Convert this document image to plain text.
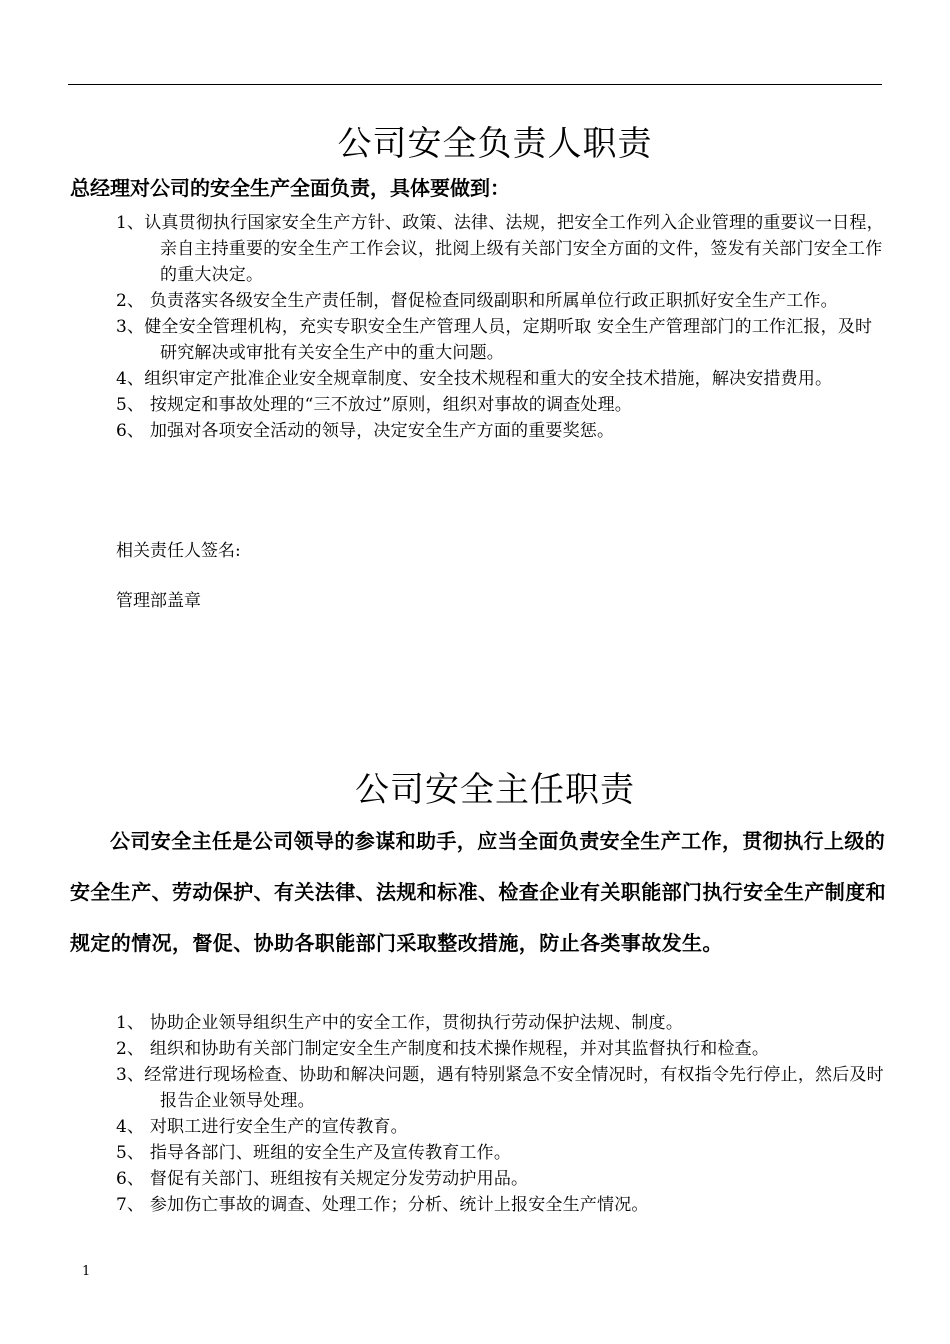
公司安全负责人职责

总经理对公司的安全生产全面负责，具体要做到：

1、认真贯彻执行国家安全生产方针、政策、法律、法规，把安全工作列入企业管理的重要议一日程，亲自主持重要的安全生产工作会议，批阅上级有关部门安全方面的文件，签发有关部门安全工作的重大决定。
2、 负责落实各级安全生产责任制，督促检查同级副职和所属单位行政正职抓好安全生产工作。
3、健全安全管理机构，充实专职安全生产管理人员，定期听取 安全生产管理部门的工作汇报，及时研究解决或审批有关安全生产中的重大问题。
4、组织审定产批准企业安全规章制度、安全技术规程和重大的安全技术措施，解决安措费用。
5、 按规定和事故处理的“三不放过”原则，组织对事故的调查处理。
6、 加强对各项安全活动的领导，决定安全生产方面的重要奖惩。

相关责任人签名:

管理部盖章

公司安全主任职责

公司安全主任是公司领导的参谋和助手，应当全面负责安全生产工作，贯彻执行上级的安全生产、劳动保护、有关法律、法规和标准、检查企业有关职能部门执行安全生产制度和规定的情况，督促、协助各职能部门采取整改措施，防止各类事故发生。

1、 协助企业领导组织生产中的安全工作，贯彻执行劳动保护法规、制度。
2、 组织和协助有关部门制定安全生产制度和技术操作规程，并对其监督执行和检查。
3、经常进行现场检查、协助和解决问题，遇有特别紧急不安全情况时，有权指令先行停止，然后及时报告企业领导处理。
4、 对职工进行安全生产的宣传教育。
5、 指导各部门、班组的安全生产及宣传教育工作。
6、 督促有关部门、班组按有关规定分发劳动护用品。
7、 参加伤亡事故的调查、处理工作；分析、统计上报安全生产情况。

1
